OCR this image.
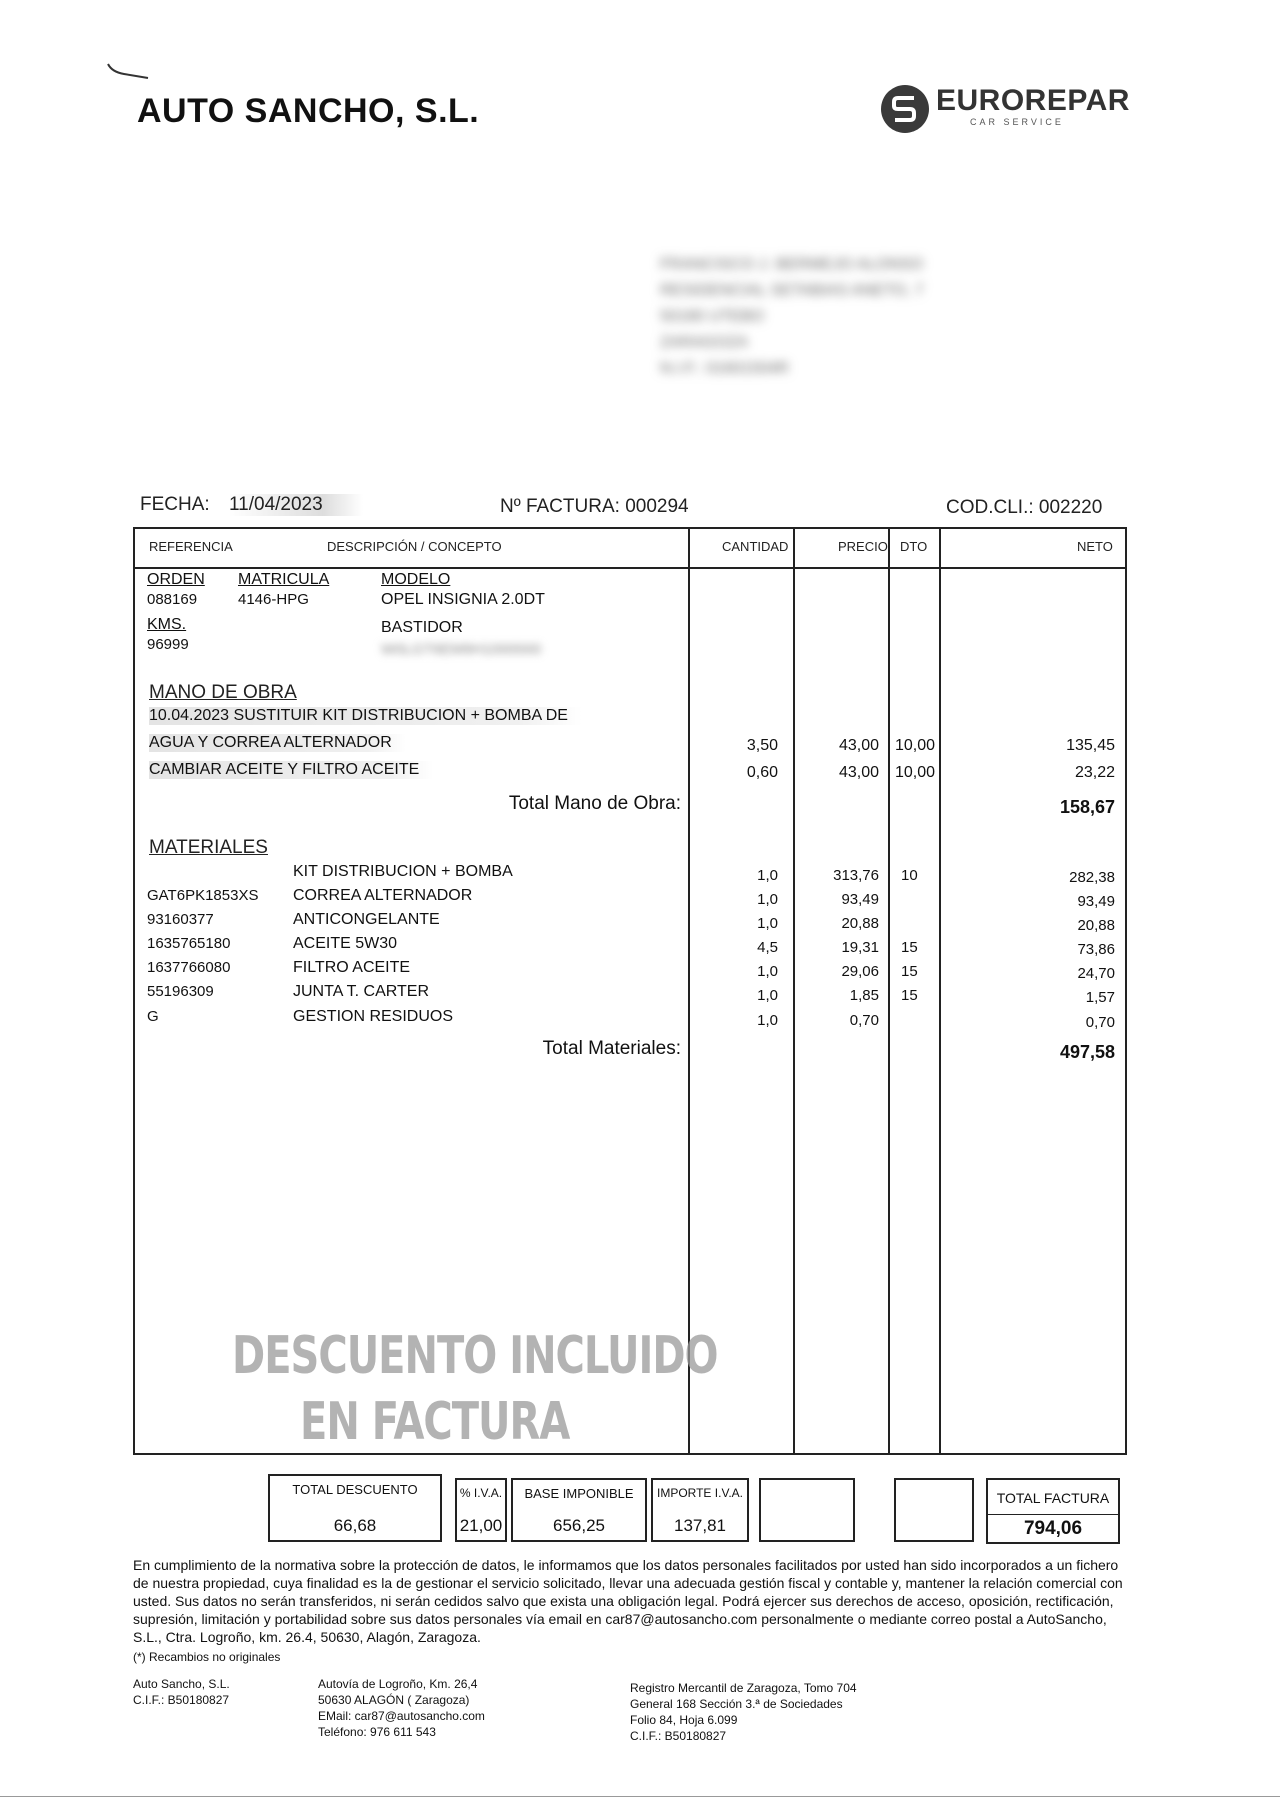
AUTO SANCHO, S.L.	EUROREPAR
CAR SERVICE
FRANCISCO J. BERMEJO ALONSO
RESIDENCIAL SETABIAS ANETO, 7
50180 UTEBO
ZARAGOZA
N.I.F.: 01601504R
FECHA: 11/04/2023	Nº FACTURA: 000294	COD.CLI.: 002220
REFERENCIA	DESCRIPCIÓN / CONCEPTO	CANTIDAD	PRECIO DTO	NETO
ORDEN
088169
MATRICULA
4146-HPG
MODELO
OPEL INSIGNIA 2.0DT
KMS.
96999
BASTIDOR
W0LGT6EM9H1000000
MANO DE OBRA
10.04.2023 SUSTITUIR KIT DISTRIBUCION + BOMBA DE
AGUA Y CORREA ALTERNADOR	3,50	43,00 10,00	135,45
CAMBIAR ACEITE Y FILTRO ACEITE	0,60	43,00 10,00	23,22
Total Mano de Obra:	158,67
MATERIALES
KIT DISTRIBUCION + BOMBA	1,0	313,76 10	282,38
GAT6PK1853XS CORREA ALTERNADOR	1,0	93,49	93,49
93160377	ANTICONGELANTE	1,0	20,88	20,88
1635765180	ACEITE 5W30	4,5	19,31 15	73,86
1637766080	FILTRO ACEITE	1,0	29,06 15	24,70
55196309	JUNTA T. CARTER	1,0	1,85 15	1,57
G	GESTION RESIDUOS	1,0	0,70	0,70
Total Materiales:	497,58
DESCUENTO INCLUIDO
EN FACTURA
TOTAL DESCUENTO
66,68
% I.V.A.
21,00
BASE IMPONIBLE
656,25
IMPORTE I.V.A.
137,81
TOTAL FACTURA
794,06
En cumplimiento de la normativa sobre la protección de datos, le informamos que los datos personales facilitados por usted han sido incorporados a un fichero de nuestra propiedad, cuya finalidad es la de gestionar el servicio solicitado, llevar una adecuada gestión fiscal y contable y, mantener la relación comercial con usted. Sus datos no serán transferidos, ni serán cedidos salvo que exista una obligación legal. Podrá ejercer sus derechos de acceso, oposición, rectificación, supresión, limitación y portabilidad sobre sus datos personales vía email en car87@autosancho.com personalmente o mediante correo postal a AutoSancho, S.L., Ctra. Logroño, km. 26.4, 50630, Alagón, Zaragoza.
(*) Recambios no originales
Auto Sancho, S.L.
C.I.F.: B50180827
Autovía de Logroño, Km. 26,4
50630 ALAGÓN ( Zaragoza)
EMail: car87@autosancho.com
Teléfono: 976 611 543
Registro Mercantil de Zaragoza, Tomo 704
General 168 Sección 3.ª de Sociedades
Folio 84, Hoja 6.099
C.I.F.: B50180827
